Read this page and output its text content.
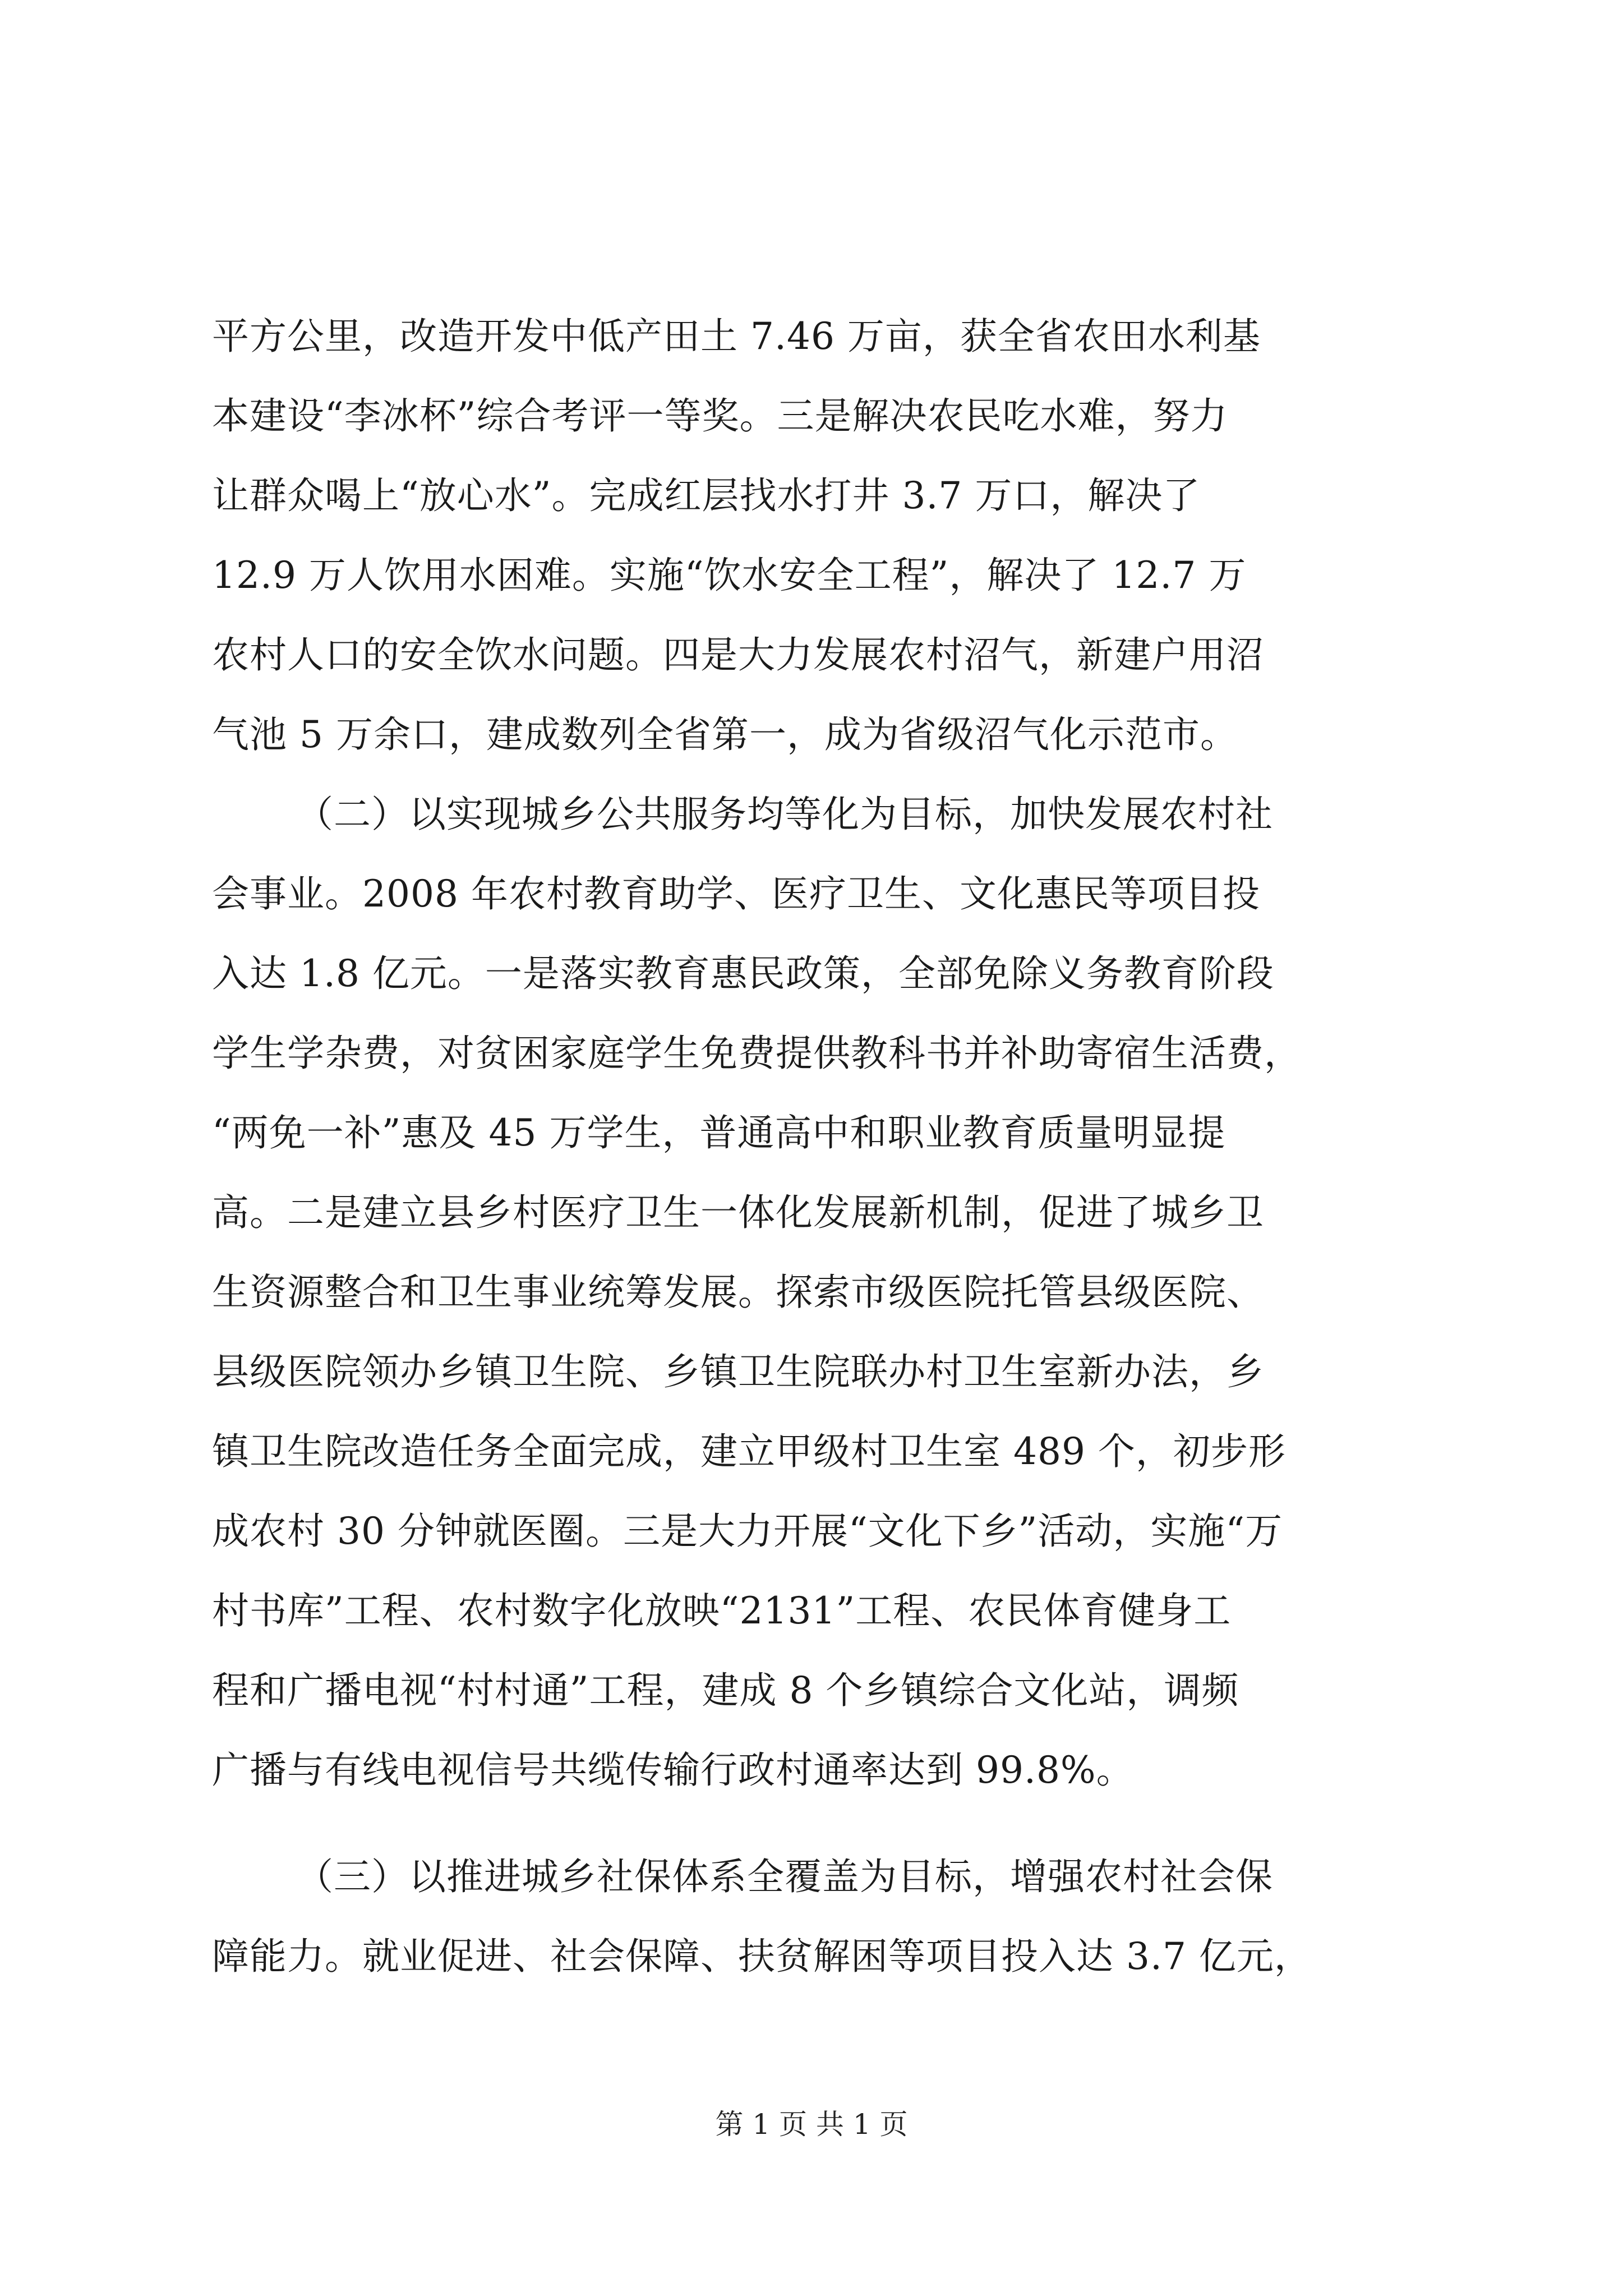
平方公里，改造开发中低产田土 7.46 万亩，获全省农田水利基
本建设“李冰杯”综合考评一等奖。三是解决农民吃水难，努力
让群众喝上“放心水”。完成红层找水打井 3.7 万口，解决了
12.9 万人饮用水困难。实施“饮水安全工程”，解决了 12.7 万
农村人口的安全饮水问题。四是大力发展农村沼气，新建户用沼
气池 5 万余口，建成数列全省第一，成为省级沼气化示范市。
（二）以实现城乡公共服务均等化为目标，加快发展农村社
会事业。2008 年农村教育助学、医疗卫生、文化惠民等项目投
入达 1.8 亿元。一是落实教育惠民政策，全部免除义务教育阶段
学生学杂费，对贫困家庭学生免费提供教科书并补助寄宿生活费，
“两免一补”惠及 45 万学生，普通高中和职业教育质量明显提
高。二是建立县乡村医疗卫生一体化发展新机制，促进了城乡卫
生资源整合和卫生事业统筹发展。探索市级医院托管县级医院、
县级医院领办乡镇卫生院、乡镇卫生院联办村卫生室新办法，乡
镇卫生院改造任务全面完成，建立甲级村卫生室 489 个，初步形
成农村 30 分钟就医圈。三是大力开展“文化下乡”活动，实施“万
村书库”工程、农村数字化放映“2131”工程、农民体育健身工
程和广播电视“村村通”工程，建成 8 个乡镇综合文化站，调频
广播与有线电视信号共缆传输行政村通率达到 99.8%。
（三）以推进城乡社保体系全覆盖为目标，增强农村社会保
障能力。就业促进、社会保障、扶贫解困等项目投入达 3.7 亿元，
第 1 页 共 1 页
